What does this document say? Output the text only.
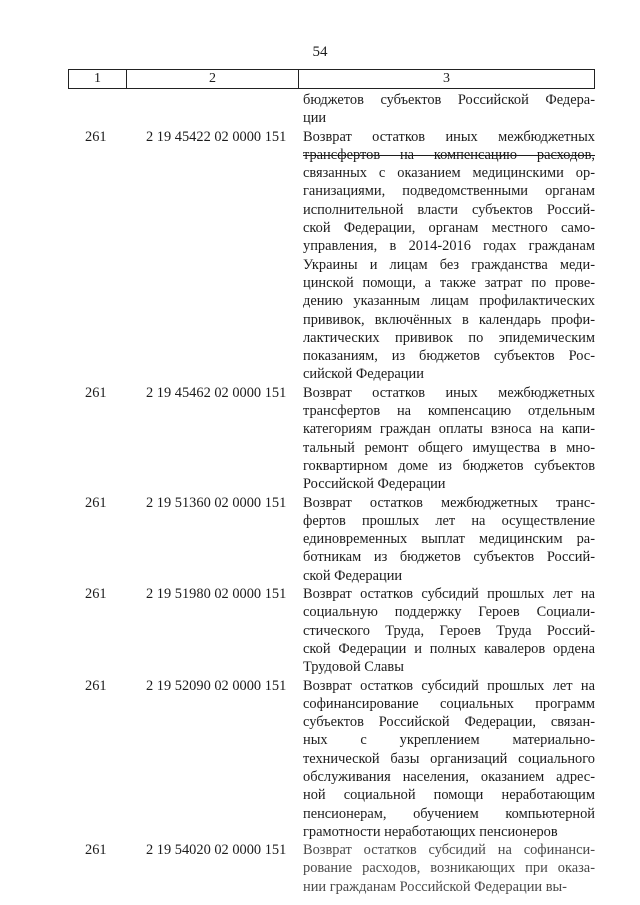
54
1	2	3
бюджетов субъектов Российской Федера-
ции
261	2 19 45422 02 0000 151	Возврат остатков иных межбюджетных
трансфертов на компенсацию расходов,
связанных с оказанием медицинскими ор-
ганизациями, подведомственными органам
исполнительной власти субъектов Россий-
ской Федерации, органам местного само-
управления, в 2014-2016 годах гражданам
Украины и лицам без гражданства меди-
цинской помощи, а также затрат по прове-
дению указанным лицам профилактических
прививок, включённых в календарь профи-
лактических прививок по эпидемическим
показаниям, из бюджетов субъектов Рос-
сийской Федерации
261	2 19 45462 02 0000 151	Возврат остатков иных межбюджетных
трансфертов на компенсацию отдельным
категориям граждан оплаты взноса на капи-
тальный ремонт общего имущества в мно-
гоквартирном доме из бюджетов субъектов
Российской Федерации
261	2 19 51360 02 0000 151	Возврат остатков межбюджетных транс-
фертов прошлых лет на осуществление
единовременных выплат медицинским ра-
ботникам из бюджетов субъектов Россий-
ской Федерации
261	2 19 51980 02 0000 151	Возврат остатков субсидий прошлых лет на
социальную поддержку Героев Социали-
стического Труда, Героев Труда Россий-
ской Федерации и полных кавалеров ордена
Трудовой Славы
261	2 19 52090 02 0000 151	Возврат остатков субсидий прошлых лет на
софинансирование социальных программ
субъектов Российской Федерации, связан-
ных с укреплением материально-
технической базы организаций социального
обслуживания населения, оказанием адрес-
ной социальной помощи неработающим
пенсионерам, обучением компьютерной
грамотности неработающих пенсионеров
261	2 19 54020 02 0000 151	Возврат остатков субсидий на софинанси-
рование расходов, возникающих при оказа-
нии гражданам Российской Федерации вы-
